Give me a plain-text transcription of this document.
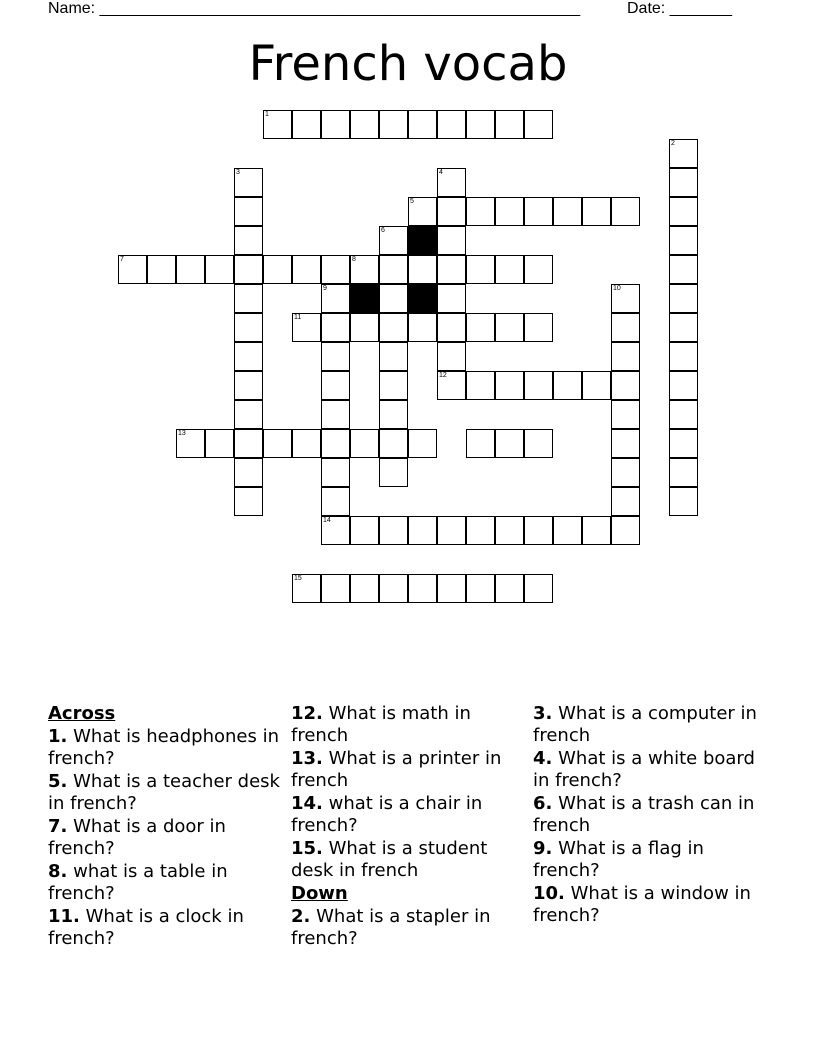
Name: ______________________________________________________	Date: _______
French vocab
1
2
3	4
5
6
7	8
9	10
11
12
13
14
15
Across
1. What is headphones in french?
5. What is a teacher desk in french?
7. What is a door in french?
8. what is a table in french?
11. What is a clock in french?
12. What is math in french
13. What is a printer in french
14. what is a chair in french?
15. What is a student desk in french
Down
2. What is a stapler in french?
3. What is a computer in french
4. What is a white board in french?
6. What is a trash can in french
9. What is a flag in french?
10. What is a window in french?
